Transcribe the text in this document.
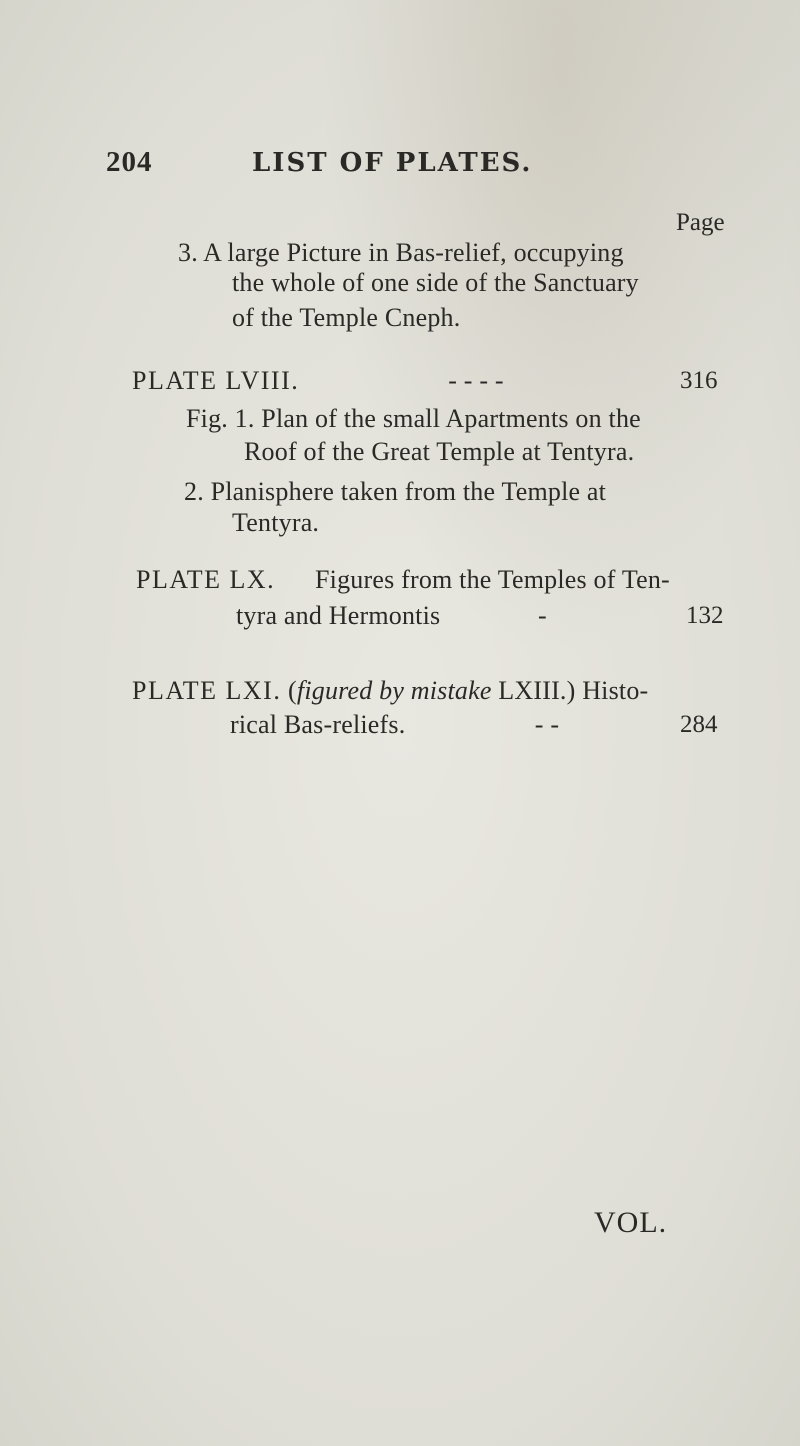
204	LIST OF PLATES.
Page
3. A large Picture in Bas-relief, occupying
the whole of one side of the Sanctuary
of the Temple Cneph.
PLATE LVIII.	- - - -	316
Fig. 1. Plan of the small Apartments on the
Roof of the Great Temple at Tentyra.
2. Planisphere taken from the Temple at
Tentyra.
PLATE LX. Figures from the Temples of Ten-
tyra and Hermontis	-	132
PLATE LXI. (figured by mistake LXIII.) Histo-
rical Bas-reliefs.	- -	284
VOL.
